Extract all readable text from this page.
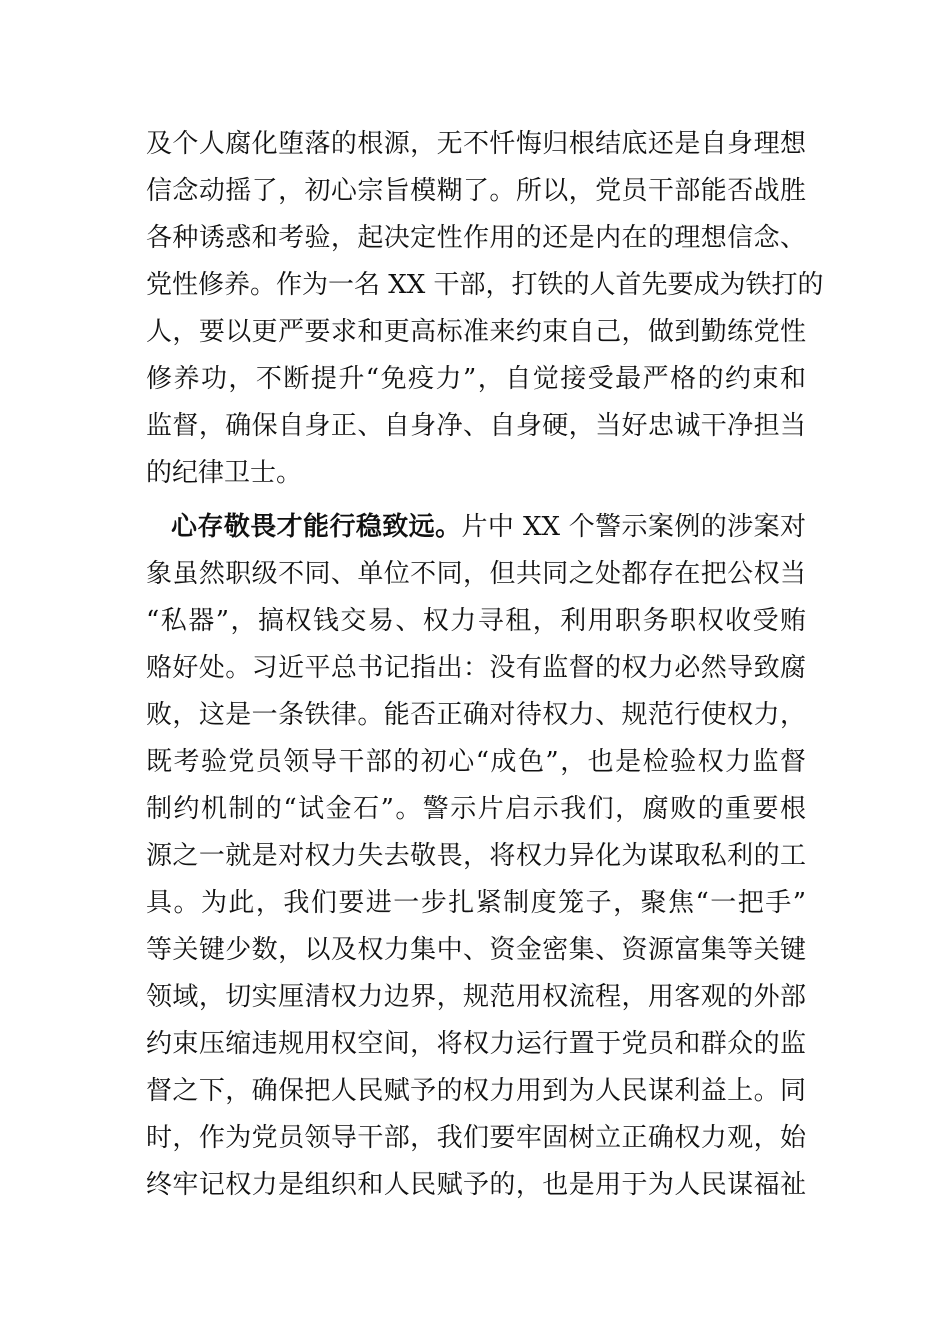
及个人腐化堕落的根源，无不忏悔归根结底还是自身理想
信念动摇了，初心宗旨模糊了。所以，党员干部能否战胜
各种诱惑和考验，起决定性作用的还是内在的理想信念、
党性修养。作为一名 XX 干部，打铁的人首先要成为铁打的
人，要以更严要求和更高标准来约束自己，做到勤练党性
修养功，不断提升“免疫力”，自觉接受最严格的约束和
监督，确保自身正、自身净、自身硬，当好忠诚干净担当
的纪律卫士。
心存敬畏才能行稳致远。片中 XX 个警示案例的涉案对
象虽然职级不同、单位不同，但共同之处都存在把公权当
“私器”，搞权钱交易、权力寻租，利用职务职权收受贿
赂好处。习近平总书记指出：没有监督的权力必然导致腐
败，这是一条铁律。能否正确对待权力、规范行使权力，
既考验党员领导干部的初心“成色”，也是检验权力监督
制约机制的“试金石”。警示片启示我们，腐败的重要根
源之一就是对权力失去敬畏，将权力异化为谋取私利的工
具。为此，我们要进一步扎紧制度笼子，聚焦“一把手”
等关键少数，以及权力集中、资金密集、资源富集等关键
领域，切实厘清权力边界，规范用权流程，用客观的外部
约束压缩违规用权空间，将权力运行置于党员和群众的监
督之下，确保把人民赋予的权力用到为人民谋利益上。同
时，作为党员领导干部，我们要牢固树立正确权力观，始
终牢记权力是组织和人民赋予的，也是用于为人民谋福祉
